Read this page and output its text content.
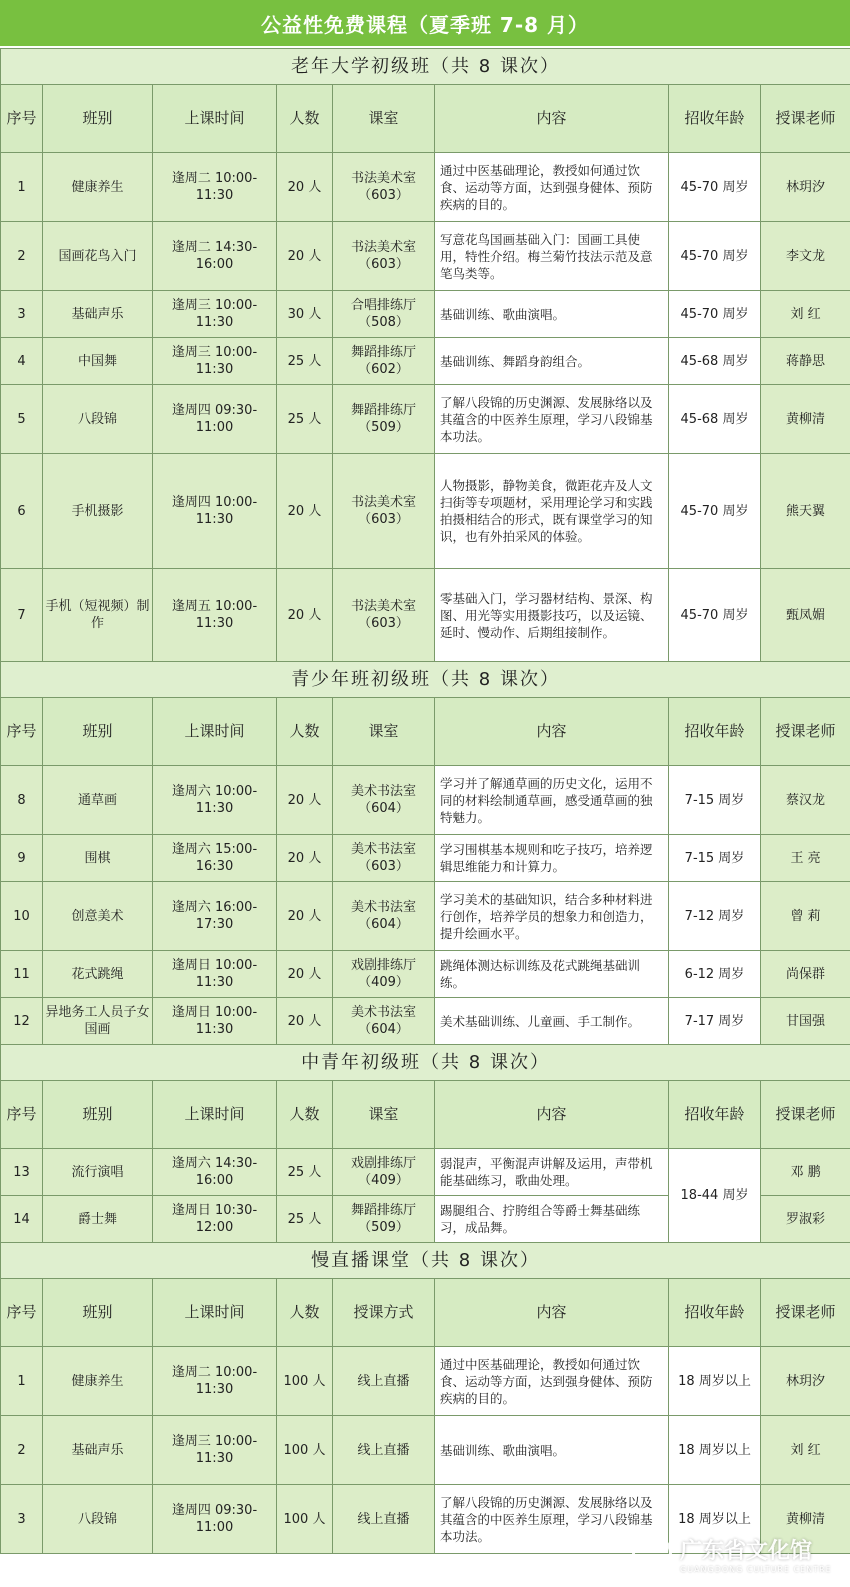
公益性免费课程（夏季班 7-8 月）
老年大学初级班（共 8 课次）							
序号	班别	上课时间	人数	课室	内容	招收年龄	授课老师
1	健康养生	逢周二 10:00-11:30	20 人	书法美术室（603）	通过中医基础理论，教授如何通过饮食、运动等方面，达到强身健体、预防疾病的目的。	45-70 周岁	林玥汐
2	国画花鸟入门	逢周二 14:30-16:00	20 人	书法美术室（603）	写意花鸟国画基础入门：国画工具使用，特性介绍。梅兰菊竹技法示范及意笔鸟类等。	45-70 周岁	李文龙
3	基础声乐	逢周三 10:00-11:30	30 人	合唱排练厅（508）	基础训练、歌曲演唱。	45-70 周岁	刘 红
4	中国舞	逢周三 10:00-11:30	25 人	舞蹈排练厅（602）	基础训练、舞蹈身韵组合。	45-68 周岁	蒋静思
5	八段锦	逢周四 09:30-11:00	25 人	舞蹈排练厅（509）	了解八段锦的历史渊源、发展脉络以及其蕴含的中医养生原理，学习八段锦基本功法。	45-68 周岁	黄柳清
6	手机摄影	逢周四 10:00-11:30	20 人	书法美术室（603）	人物摄影，静物美食，微距花卉及人文扫街等专项题材，采用理论学习和实践拍摄相结合的形式，既有课堂学习的知识，也有外拍采风的体验。	45-70 周岁	熊天翼
7	手机（短视频）制作	逢周五 10:00-11:30	20 人	书法美术室（603）	零基础入门，学习器材结构、景深、构图、用光等实用摄影技巧，以及运镜、延时、慢动作、后期组接制作。	45-70 周岁	甄凤媚
青少年班初级班（共 8 课次）							
序号	班别	上课时间	人数	课室	内容	招收年龄	授课老师
8	通草画	逢周六 10:00-11:30	20 人	美术书法室（604）	学习并了解通草画的历史文化，运用不同的材料绘制通草画，感受通草画的独特魅力。	7-15 周岁	蔡汉龙
9	围棋	逢周六 15:00-16:30	20 人	美术书法室（603）	学习围棋基本规则和吃子技巧，培养逻辑思维能力和计算力。	7-15 周岁	王 亮
10	创意美术	逢周六 16:00-17:30	20 人	美术书法室（604）	学习美术的基础知识，结合多种材料进行创作，培养学员的想象力和创造力，提升绘画水平。	7-12 周岁	曾 莉
11	花式跳绳	逢周日 10:00-11:30	20 人	戏剧排练厅（409）	跳绳体测达标训练及花式跳绳基础训练。	6-12 周岁	尚保群
12	异地务工人员子女国画	逢周日 10:00-11:30	20 人	美术书法室（604）	美术基础训练、儿童画、手工制作。	7-17 周岁	甘国强
中青年初级班（共 8 课次）							
序号	班别	上课时间	人数	课室	内容	招收年龄	授课老师
13	流行演唱	逢周六 14:30-16:00	25 人	戏剧排练厅（409）	弱混声，平衡混声讲解及运用，声带机能基础练习，歌曲处理。	18-44 周岁	邓 鹏
14	爵士舞	逢周日 10:30-12:00	25 人	舞蹈排练厅（509）	踢腿组合、拧胯组合等爵士舞基础练习，成品舞。		罗淑彩
慢直播课堂（共 8 课次）							
序号	班别	上课时间	人数	授课方式	内容	招收年龄	授课老师
1	健康养生	逢周二 10:00-11:30	100 人	线上直播	通过中医基础理论，教授如何通过饮食、运动等方面，达到强身健体、预防疾病的目的。	18 周岁以上	林玥汐
2	基础声乐	逢周三 10:00-11:30	100 人	线上直播	基础训练、歌曲演唱。	18 周岁以上	刘 红
3	八段锦	逢周四 09:30-11:00	100 人	线上直播	了解八段锦的历史渊源、发展脉络以及其蕴含的中医养生原理，学习八段锦基本功法。	18 周岁以上	黄柳清
广东省文化馆
GUANGDONG CULTURE CENTRE
